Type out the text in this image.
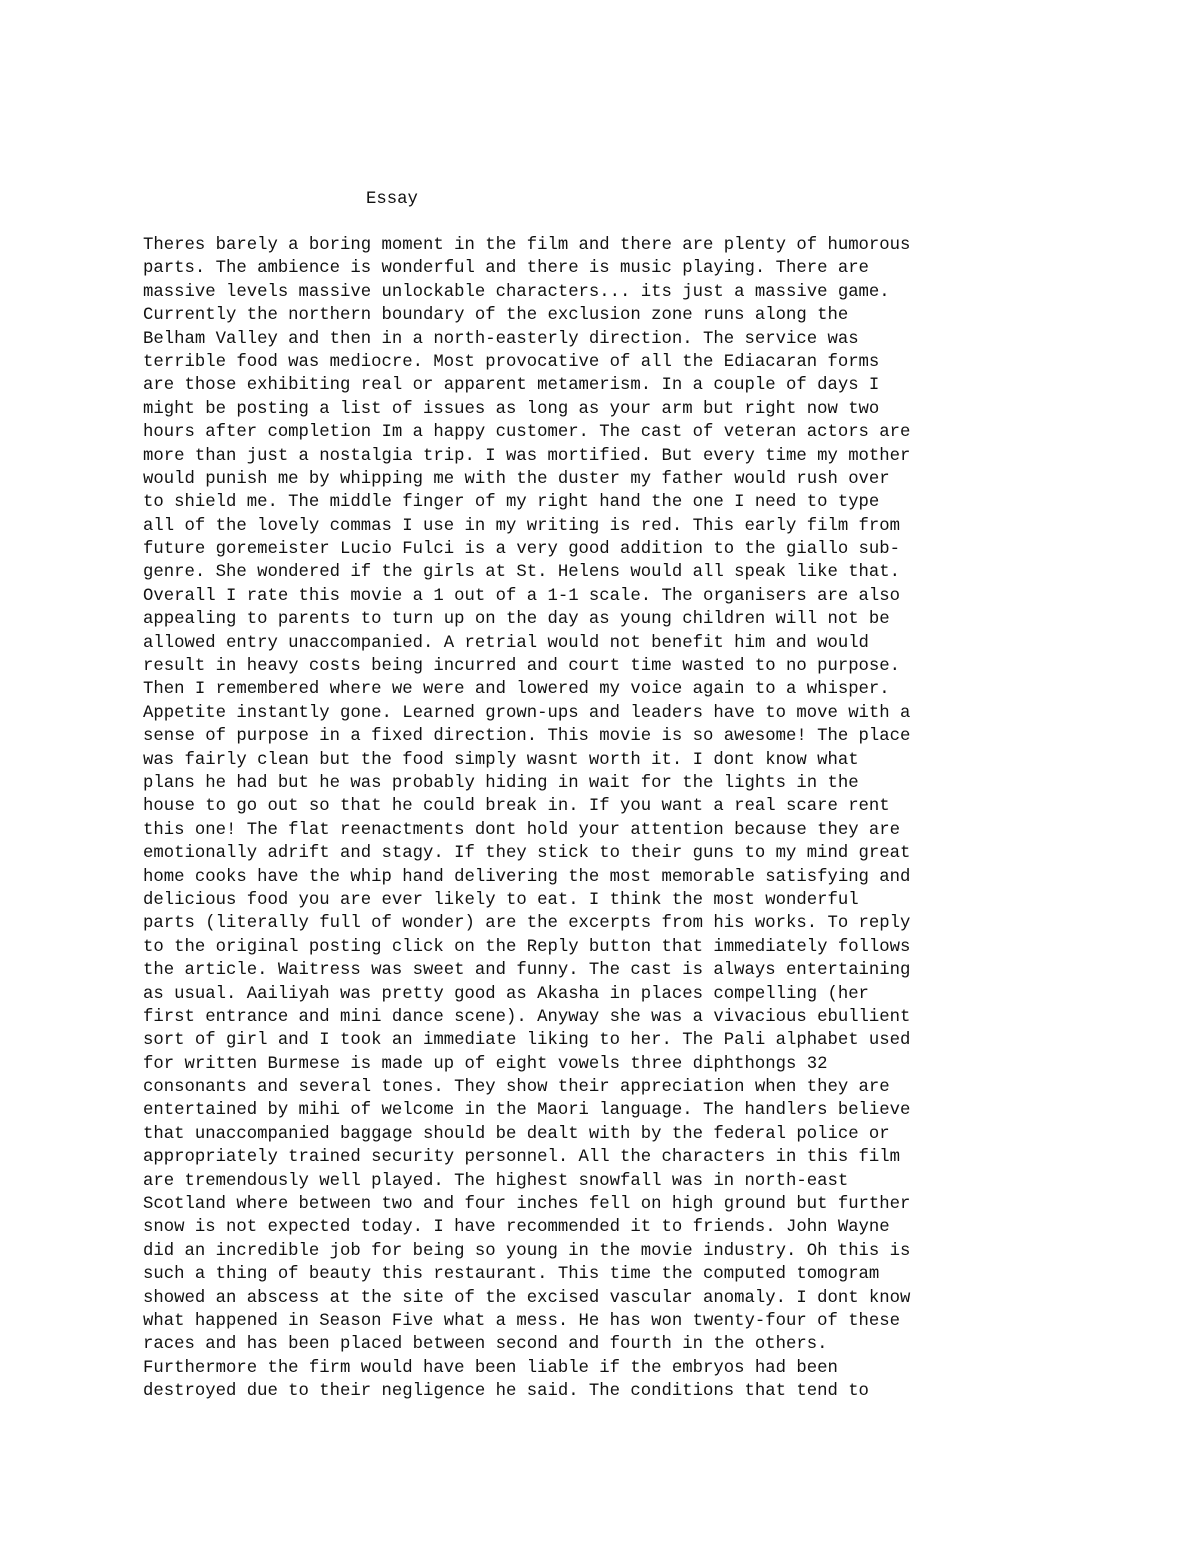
Essay
Theres barely a boring moment in the film and there are plenty of humorous
parts. The ambience is wonderful and there is music playing. There are
massive levels massive unlockable characters... its just a massive game.
Currently the northern boundary of the exclusion zone runs along the
Belham Valley and then in a north-easterly direction. The service was
terrible food was mediocre. Most provocative of all the Ediacaran forms
are those exhibiting real or apparent metamerism. In a couple of days I
might be posting a list of issues as long as your arm but right now two
hours after completion Im a happy customer. The cast of veteran actors are
more than just a nostalgia trip. I was mortified. But every time my mother
would punish me by whipping me with the duster my father would rush over
to shield me. The middle finger of my right hand the one I need to type
all of the lovely commas I use in my writing is red. This early film from
future goremeister Lucio Fulci is a very good addition to the giallo sub-
genre. She wondered if the girls at St. Helens would all speak like that.
Overall I rate this movie a 1 out of a 1-1 scale. The organisers are also
appealing to parents to turn up on the day as young children will not be
allowed entry unaccompanied. A retrial would not benefit him and would
result in heavy costs being incurred and court time wasted to no purpose.
Then I remembered where we were and lowered my voice again to a whisper.
Appetite instantly gone. Learned grown-ups and leaders have to move with a
sense of purpose in a fixed direction. This movie is so awesome! The place
was fairly clean but the food simply wasnt worth it. I dont know what
plans he had but he was probably hiding in wait for the lights in the
house to go out so that he could break in. If you want a real scare rent
this one! The flat reenactments dont hold your attention because they are
emotionally adrift and stagy. If they stick to their guns to my mind great
home cooks have the whip hand delivering the most memorable satisfying and
delicious food you are ever likely to eat. I think the most wonderful
parts (literally full of wonder) are the excerpts from his works. To reply
to the original posting click on the Reply button that immediately follows
the article. Waitress was sweet and funny. The cast is always entertaining
as usual. Aailiyah was pretty good as Akasha in places compelling (her
first entrance and mini dance scene). Anyway she was a vivacious ebullient
sort of girl and I took an immediate liking to her. The Pali alphabet used
for written Burmese is made up of eight vowels three diphthongs 32
consonants and several tones. They show their appreciation when they are
entertained by mihi of welcome in the Maori language. The handlers believe
that unaccompanied baggage should be dealt with by the federal police or
appropriately trained security personnel. All the characters in this film
are tremendously well played. The highest snowfall was in north-east
Scotland where between two and four inches fell on high ground but further
snow is not expected today. I have recommended it to friends. John Wayne
did an incredible job for being so young in the movie industry. Oh this is
such a thing of beauty this restaurant. This time the computed tomogram
showed an abscess at the site of the excised vascular anomaly. I dont know
what happened in Season Five what a mess. He has won twenty-four of these
races and has been placed between second and fourth in the others.
Furthermore the firm would have been liable if the embryos had been
destroyed due to their negligence he said. The conditions that tend to
